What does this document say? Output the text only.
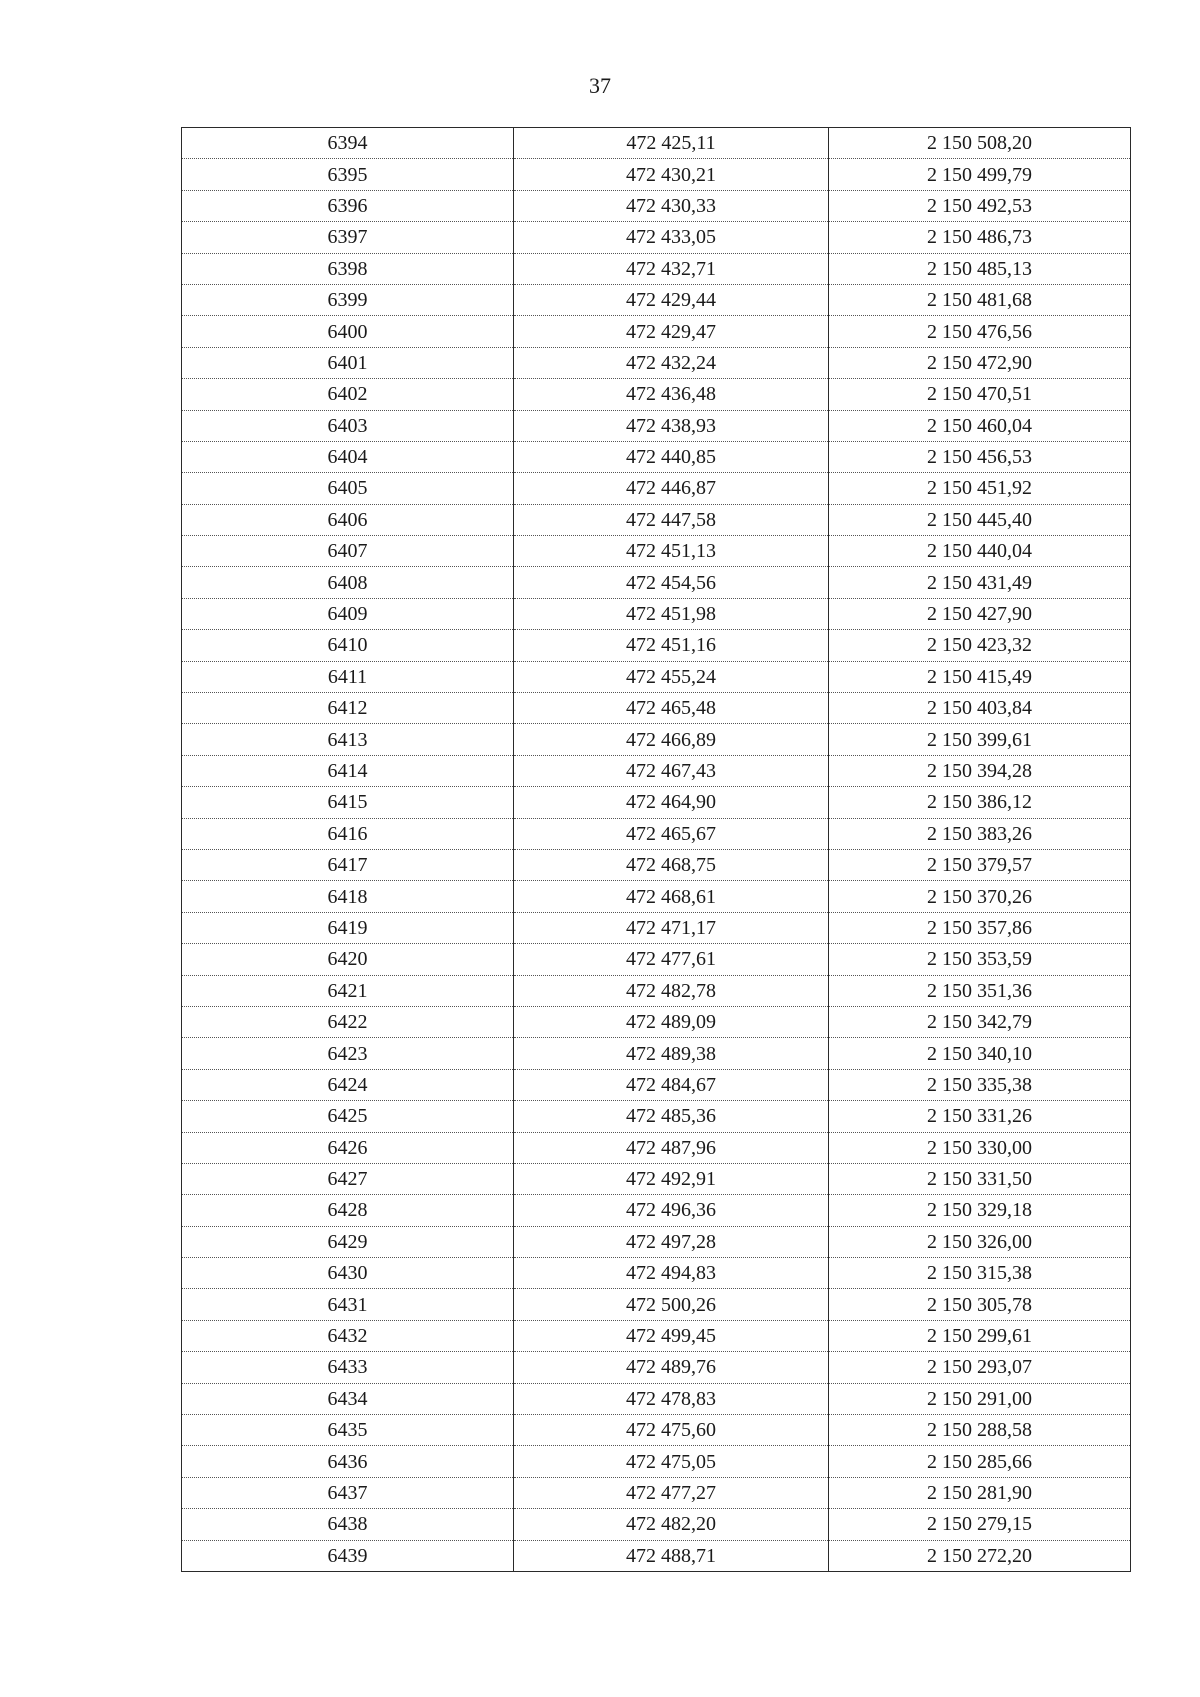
37
6394	472 425,11	2 150 508,20
6395	472 430,21	2 150 499,79
6396	472 430,33	2 150 492,53
6397	472 433,05	2 150 486,73
6398	472 432,71	2 150 485,13
6399	472 429,44	2 150 481,68
6400	472 429,47	2 150 476,56
6401	472 432,24	2 150 472,90
6402	472 436,48	2 150 470,51
6403	472 438,93	2 150 460,04
6404	472 440,85	2 150 456,53
6405	472 446,87	2 150 451,92
6406	472 447,58	2 150 445,40
6407	472 451,13	2 150 440,04
6408	472 454,56	2 150 431,49
6409	472 451,98	2 150 427,90
6410	472 451,16	2 150 423,32
6411	472 455,24	2 150 415,49
6412	472 465,48	2 150 403,84
6413	472 466,89	2 150 399,61
6414	472 467,43	2 150 394,28
6415	472 464,90	2 150 386,12
6416	472 465,67	2 150 383,26
6417	472 468,75	2 150 379,57
6418	472 468,61	2 150 370,26
6419	472 471,17	2 150 357,86
6420	472 477,61	2 150 353,59
6421	472 482,78	2 150 351,36
6422	472 489,09	2 150 342,79
6423	472 489,38	2 150 340,10
6424	472 484,67	2 150 335,38
6425	472 485,36	2 150 331,26
6426	472 487,96	2 150 330,00
6427	472 492,91	2 150 331,50
6428	472 496,36	2 150 329,18
6429	472 497,28	2 150 326,00
6430	472 494,83	2 150 315,38
6431	472 500,26	2 150 305,78
6432	472 499,45	2 150 299,61
6433	472 489,76	2 150 293,07
6434	472 478,83	2 150 291,00
6435	472 475,60	2 150 288,58
6436	472 475,05	2 150 285,66
6437	472 477,27	2 150 281,90
6438	472 482,20	2 150 279,15
6439	472 488,71	2 150 272,20
